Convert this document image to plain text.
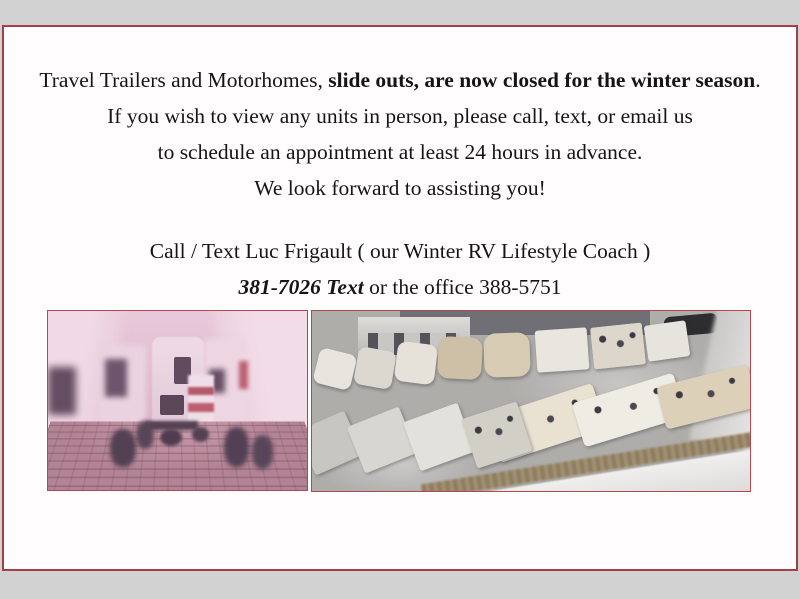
Travel Trailers and Motorhomes, slide outs, are now closed for the winter season.
If you wish to view any units in person, please call, text, or email us
to schedule an appointment at least 24 hours in advance.
We look forward to assisting you!
Call / Text Luc Frigault ( our Winter RV Lifestyle Coach )
381-7026 Text or the office 388-5751
